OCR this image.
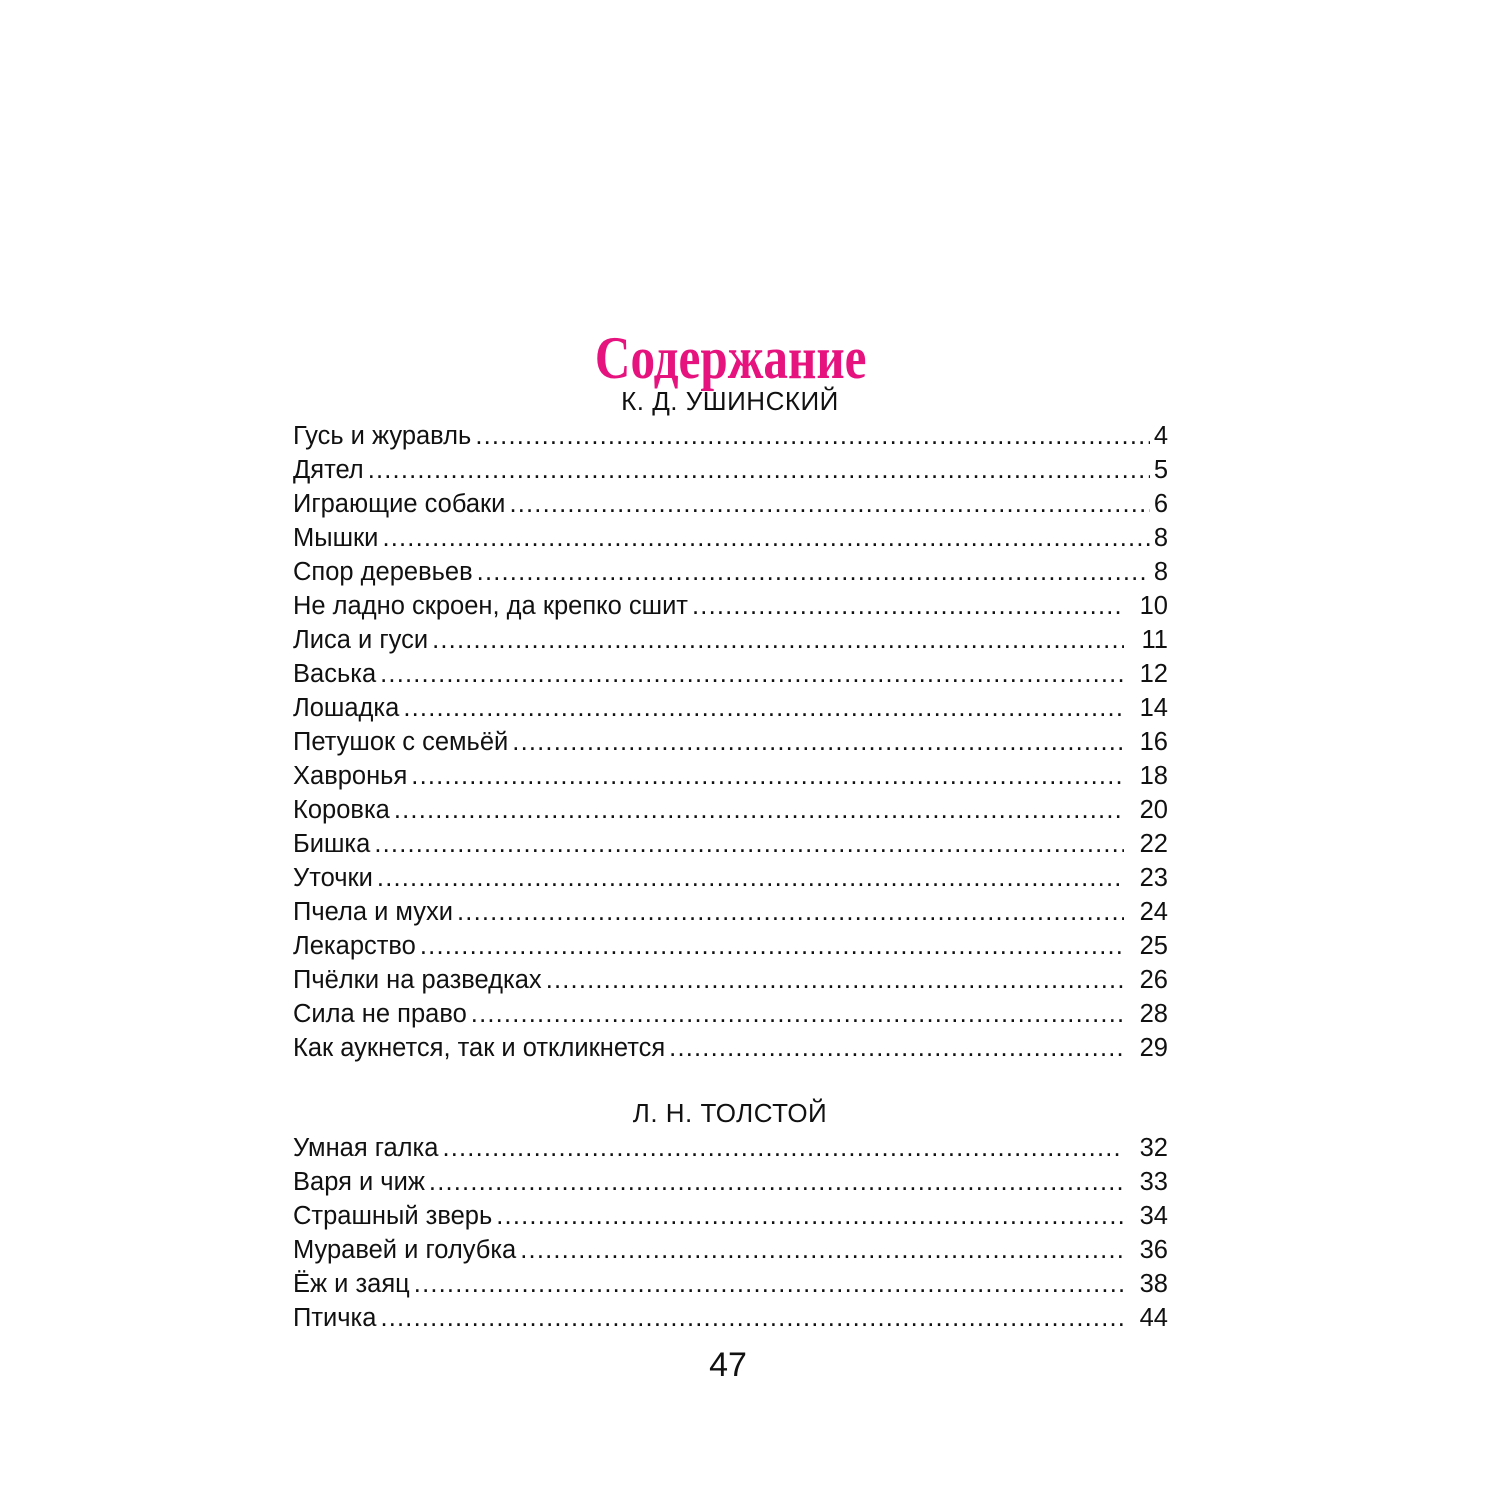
Содержание
К. Д. УШИНСКИЙ
Гусь и журавль .....	4
Дятел .....	5
Играющие собаки .....	6
Мышки .....	8
Спор деревьев .....	8
Не ладно скроен, да крепко сшит .....	10
Лиса и гуси .....	11
Васька .....	12
Лошадка .....	14
Петушок с семьёй .....	16
Хавронья .....	18
Коровка .....	20
Бишка .....	22
Уточки .....	23
Пчела и мухи .....	24
Лекарство .....	25
Пчёлки на разведках .....	26
Сила не право .....	28
Как аукнется, так и откликнется .....	29
Л. Н. ТОЛСТОЙ
Умная галка .....	32
Варя и чиж .....	33
Страшный зверь .....	34
Муравей и голубка .....	36
Ёж и заяц .....	38
Птичка .....	44
47
